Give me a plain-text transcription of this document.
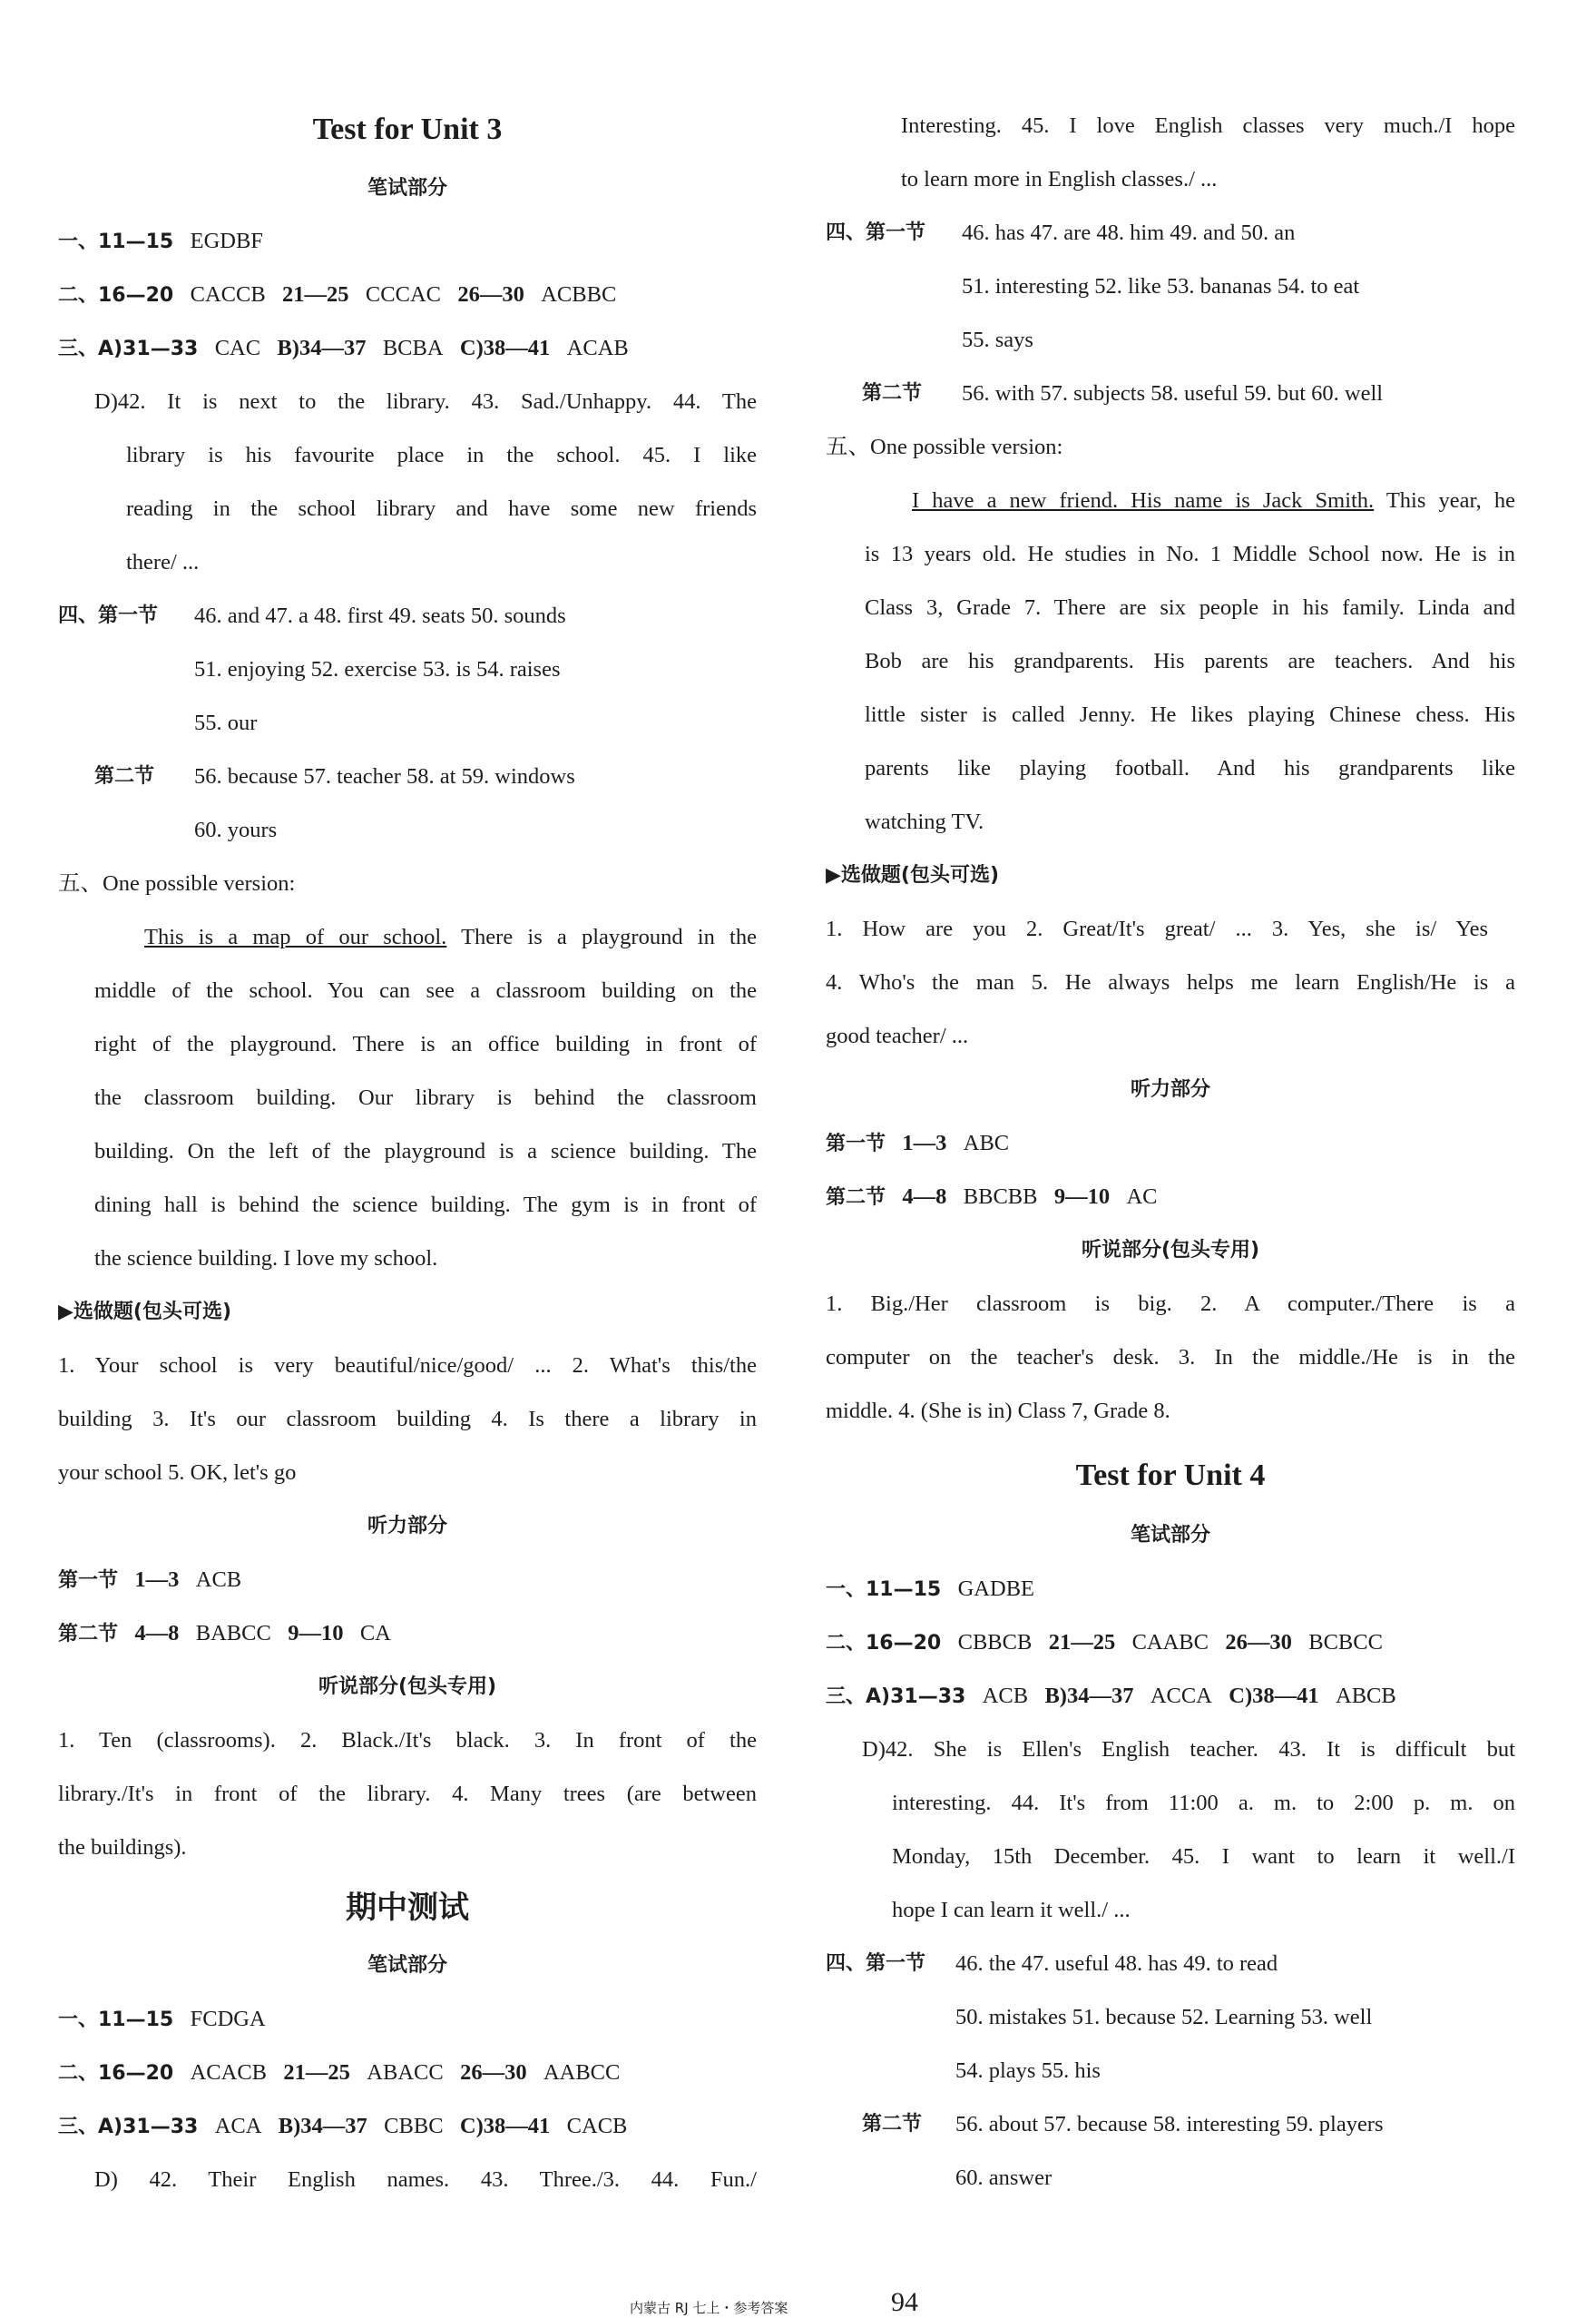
Test for Unit 3
笔试部分
一、11—15 EGDBF
二、16—20 CACCB 21—25 CCCAC 26—30 ACBBC
三、A)31—33 CAC B)34—37 BCBA C)38—41 ACAB
D)42. It is next to the library. 43. Sad./Unhappy. 44. The
library is his favourite place in the school. 45. I like
reading in the school library and have some new friends
there/ ...
四、第一节 46. and 47. a 48. first 49. seats 50. sounds
51. enjoying 52. exercise 53. is 54. raises
55. our
第二节 56. because 57. teacher 58. at 59. windows
60. yours
五、One possible version:
This is a map of our school. There is a playground in the
middle of the school. You can see a classroom building on the
right of the playground. There is an office building in front of
the classroom building. Our library is behind the classroom
building. On the left of the playground is a science building. The
dining hall is behind the science building. The gym is in front of
the science building. I love my school.
▶选做题(包头可选)
1. Your school is very beautiful/nice/good/ ... 2. What's this/the
building 3. It's our classroom building 4. Is there a library in
your school 5. OK, let's go
听力部分
第一节 1—3 ACB
第二节 4—8 BABCC 9—10 CA
听说部分(包头专用)
1. Ten (classrooms). 2. Black./It's black. 3. In front of the
library./It's in front of the library. 4. Many trees (are between
the buildings).
期中测试
笔试部分
一、11—15 FCDGA
二、16—20 ACACB 21—25 ABACC 26—30 AABCC
三、A)31—33 ACA B)34—37 CBBC C)38—41 CACB
D) 42. Their English names. 43. Three./3. 44. Fun./
Interesting. 45. I love English classes very much./I hope
to learn more in English classes./ ...
四、第一节 46. has 47. are 48. him 49. and 50. an
51. interesting 52. like 53. bananas 54. to eat
55. says
第二节 56. with 57. subjects 58. useful 59. but 60. well
五、One possible version:
I have a new friend. His name is Jack Smith. This year, he
is 13 years old. He studies in No. 1 Middle School now. He is in
Class 3, Grade 7. There are six people in his family. Linda and
Bob are his grandparents. His parents are teachers. And his
little sister is called Jenny. He likes playing Chinese chess. His
parents like playing football. And his grandparents like
watching TV.
▶选做题(包头可选)
1. How are you 2. Great/It's great/ ... 3. Yes, she is/ Yes
4. Who's the man 5. He always helps me learn English/He is a
good teacher/ ...
听力部分
第一节 1—3 ABC
第二节 4—8 BBCBB 9—10 AC
听说部分(包头专用)
1. Big./Her classroom is big. 2. A computer./There is a
computer on the teacher's desk. 3. In the middle./He is in the
middle. 4. (She is in) Class 7, Grade 8.
Test for Unit 4
笔试部分
一、11—15 GADBE
二、16—20 CBBCB 21—25 CAABC 26—30 BCBCC
三、A)31—33 ACB B)34—37 ACCA C)38—41 ABCB
D)42. She is Ellen's English teacher. 43. It is difficult but
interesting. 44. It's from 11:00 a. m. to 2:00 p. m. on
Monday, 15th December. 45. I want to learn it well./I
hope I can learn it well./ ...
四、第一节 46. the 47. useful 48. has 49. to read
50. mistakes 51. because 52. Learning 53. well
54. plays 55. his
第二节 56. about 57. because 58. interesting 59. players
60. answer
内蒙古 RJ 七上・参考答案	94
